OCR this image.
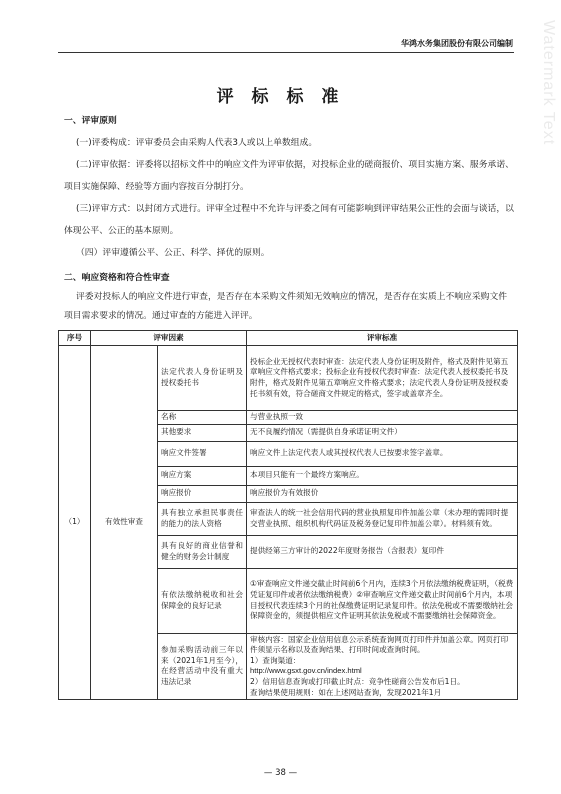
Watermark Text
华鸿水务集团股份有限公司编制
评 标 标 准
一、评审原则
(一)评委构成：评审委员会由采购人代表3人或以上单数组成。
(二)评审依据：评委将以招标文件中的响应文件为评审依据，对投标企业的磋商报价、项目实施方案、服务承诺、项目实施保障、经验等方面内容按百分制打分。
(三)评审方式：以封闭方式进行。评审全过程中不允许与评委之间有可能影响到评审结果公正性的会面与谈话，以体现公平、公正的基本原则。
（四）评审遵循公平、公正、科学、择优的原则。
二、响应资格和符合性审查
评委对投标人的响应文件进行审查，是否存在本采购文件须知无效响应的情况，是否存在实质上不响应采购文件项目需求要求的情况。通过审查的方能进入评评。
序号	评审因素		评审标准
（1）	有效性审查	法定代表人身份证明及授权委托书	投标企业无授权代表时审查：法定代表人身份证明及附件，格式及附件见第五章响应文件格式要求；投标企业有授权代表时审查：法定代表人授权委托书及附件，格式及附件见第五章响应文件格式要求；法定代表人身份证明及授权委托书须有效，符合磋商文件规定的格式，签字或盖章齐全。
		名称	与营业执照一致
		其他要求	无不良履约情况（需提供自身承诺证明文件）
		响应文件签署	响应文件上法定代表人或其授权代表人已按要求签字盖章。
		响应方案	本项目只能有一个最终方案响应。
		响应报价	响应报价为有效报价
		具有独立承担民事责任的能力的法人资格	审查法人的统一社会信用代码的营业执照复印件加盖公章（未办理的需同时提交营业执照、组织机构代码证及税务登记复印件加盖公章）。材料须有效。
		具有良好的商业信誉和健全的财务会计制度	提供经第三方审计的2022年度财务报告（含报表）复印件
		有依法缴纳税收和社会保障金的良好记录	①审查响应文件递交截止时间前6个月内，连续3个月依法缴纳税费证明，（税费凭证复印件或者依法缴纳税费）②审查响应文件递交截止时间前6个月内，本项目授权代表连续3个月的社保缴费证明记录复印件。依法免税或不需要缴纳社会保障资金的，须提供相应文件证明其依法免税或不需要缴纳社会保障资金。
		参加采购活动前三年以来（2021年1月至今），在经营活动中没有重大违法记录	审核内容：国家企业信用信息公示系统查询网页打印件并加盖公章。网页打印件须显示名称以及查询结果、打印时间或查询时间。
1）查询渠道：
http://www.gsxt.gov.cn/index.html
2）信用信息查询或打印截止时点：竞争性磋商公告发布后1日。
查询结果使用规则：如在上述网站查询，发现2021年1月
— 38 —
